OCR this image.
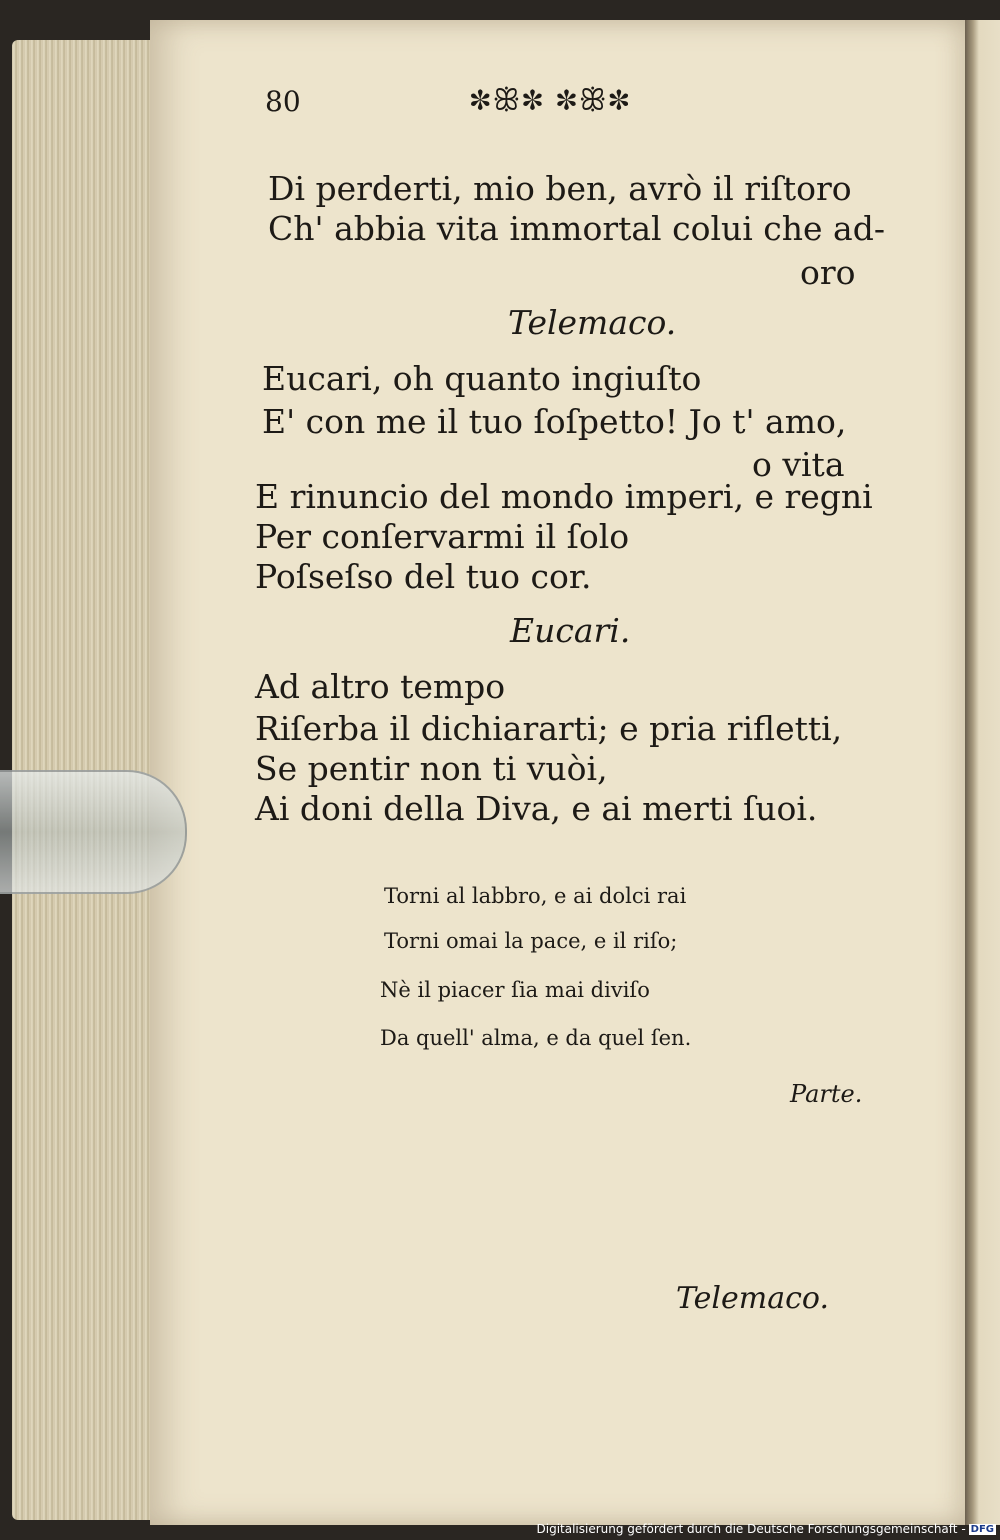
80	✽ꕥ✽ ✽ꕥ✽

Di perderti, mio ben, avrò il riſtoro

Ch' abbia vita immortal colui che ad-

oro

Telemaco.

Eucari, oh quanto ingiuſto

E' con me il tuo ſoſpetto! Jo t' amo,

o vita

E rinuncio del mondo imperi, e regni

Per conſervarmi il ſolo

Poſseſso del tuo cor.

Eucari.

Ad altro tempo

Riſerba il dichiararti; e pria rifletti,

Se pentir non ti vuòi,

Ai doni della Diva, e ai merti ſuoi.

Torni al labbro, e ai dolci rai

Torni omai la pace, e il riſo;

Nè il piacer ſia mai diviſo

Da quell' alma, e da quel ſen.

Parte.

Telemaco.

Digitalisierung gefördert durch die Deutsche Forschungsgemeinschaft - DFG
